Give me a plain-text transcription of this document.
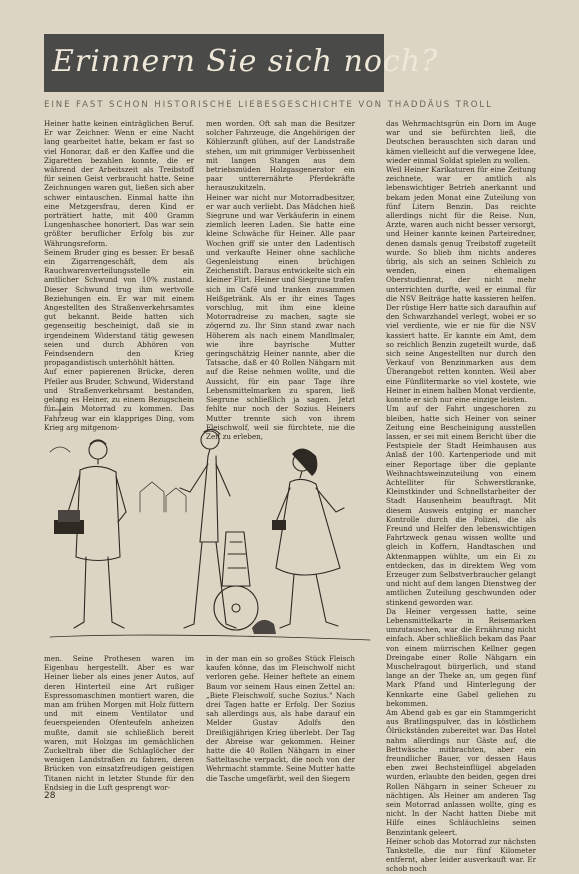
Erinnern Sie sich noch?
EINE FAST SCHON HISTORISCHE LIEBESGESCHICHTE VON THADDÄUS TROLL

Heiner hatte keinen einträglichen Beruf. Er war Zeichner. Wenn er eine Nacht lang gearbeitet hatte, bekam er fast so viel Honorar, daß er den Kaffee und die Zigaretten bezahlen konnte, die er während der Arbeitszeit als Treibstoff für seinen Geist verbraucht hatte. Seine Zeichnungen waren gut, ließen sich aber schwer eintauschen. Einmal hatte ihn eine Metzgersfrau, deren Kind er porträtiert hatte, mit 400 Gramm Lungenhaschee honoriert. Das war sein größter beruflicher Erfolg bis zur Währungsreform.

Seinem Bruder ging es besser. Er besaß ein Zigarrengeschäft, dem als Rauchwarenverteilungsstelle ein amtlicher Schwund von 10% zustand. Dieser Schwund trug ihm wertvolle Beziehungen ein. Er war mit einem Angestellten des Straßenverkehrsamtes gut bekannt. Beide hatten sich gegenseitig bescheinigt, daß sie in irgendeinem Widerstand tätig gewesen seien und durch Abhören von Feindsendern den Krieg propagandistisch unterhöhlt hätten.

Auf einer papierenen Brücke, deren Pfeiler aus Bruder, Schwund, Widerstand und Straßenverkehrsamt bestanden, gelang es Heiner, zu einem Bezugschein für ein Motorrad zu kommen. Das Fahrzeug war ein klappriges Ding, vom Krieg arg mitgenom-

men worden. Oft sah man die Besitzer solcher Fahrzeuge, die Angehörigen der Köhlerzunft glühen, auf der Landstraße stehen, um mit grimmiger Verbissenheit mit langen Stangen aus dem betriebsmüden Holzgasgenerator ein paar untterernährte Pferdekräfte herauszukitzeln.

Heiner war nicht nur Motorradbesitzer, er war auch verliebt. Das Mädchen hieß Siegrune und war Verkäuferin in einem ziemlich leeren Laden. Sie hatte eine kleine Schwäche für Heiner. Alle paar Wochen griff sie unter den Ladentisch und verkaufte Heiner ohne sachliche Gegenleistung einen brüchigen Zeichenstift. Daraus entwickelte sich ein kleiner Flirt. Heiner und Siegrune trafen sich im Café und tranken zusammen Heißgetränk. Als er ihr eines Tages vorschlug, mit ihm eine kleine Motorradreise zu machen, sagte sie zögernd zu. Ihr Sinn stand zwar nach Höherem als nach einem Mandlmaler, wie ihre bayrische Mutter geringschätzig Heiner nannte, aber die Tatsache, daß er 40 Rollen Nähgarn mit auf die Reise nehmen wollte, und die Aussicht, für ein paar Tage ihre Lebensmittelmarken zu sparen, ließ Siegrune schließlich ja sagen. Jetzt fehlte nur noch der Sozius. Heiners Mutter trennte sich von ihrem Fleischwolf, weil sie fürchtete, nie die Zeit zu erleben,

das Wehrmachtsgrün ein Dorn im Auge war und sie befürchten ließ, die Deutschen berauschten sich daran und kämen vielleicht auf die verwegene Idee, wieder einmal Soldat spielen zu wollen.

Weil Heiner Karikaturen für eine Zeitung zeichnete, war er amtlich als lebenswichtiger Betrieb anerkannt und bekam jeden Monat eine Zuteilung von fünf Litern Benzin. Das reichte allerdings nicht für die Reise. Nun, Arzte, waren auch nicht besser versorgt, und Heiner kannte keinen Parteiredner, denen damals genug Treibstoff zugeteilt wurde. So blieb ihm nichts anderes übrig, als sich an seinen Schleich zu wenden, einen ehemaligen Oberstudienrat, der nicht mehr unterrichten durfte, weil er einmal für die NSV Beiträge hatte kassieren helfen. Der rüstige Herr hatte sich daraufhin auf den Schwarzhandel verlegt, wobei er so viel verdiente, wie er nie für die NSV kassiert hatte. Er kannte ein Amt, dem so reichlich Benzin zugeteilt wurde, daß sich seine Angestellten nur durch den Verkauf von Benzinmarken aus dem Überangebot retten konnten. Weil aber eine Fünflitermarke so viel kostete, wie Heiner in einem halben Monat verdiente, konnte er sich nur eine einzige leisten.

Um auf der Fahrt ungeschoren zu bleiben, hatte sich Heiner von seiner Zeitung eine Bescheinigung ausstellen lassen, er sei mit einem Bericht über die Festspiele der Stadt Heimhausen aus Anlaß der 100. Kartenperiode und mit einer Reportage über die geplante Weihnachtsweinzuteilung von einem Achtelliter für Schwerstkranke, Kleinstkinder und Schnellstarbeiter der Stadt Hausenheim beauftragt. Mit diesem Ausweis entging er mancher Kontrolle durch die Polizei, die als Freund und Helfer den lebenswichtigen Fahrtzweck genau wissen wollte und gleich in Koffern, Handtaschen und Aktenmappen wühlte, um ein Ei zu entdecken, das in direktem Weg vom Erzeuger zum Selbstverbraucher gelangt und nicht auf dem langen Dienstweg der amtlichen Zuteilung geschwunden oder stinkend geworden war.

Da Heiner vergessen hatte, seine Lebensmittelkarte in Reisemarken umzutauschen, war die Ernährung nicht einfach. Aber schließlich bekam das Paar von einem mürrischen Kellner gegen Dreingabe einer Rolle Nähgarn ein Muschelragout bürgerlich, und stand lange an der Theke an, um gegen fünf Mark Pfand und Hinterlegung der Kennkarte eine Gabel geliehen zu bekommen.

Am Abend gab es gar ein Stammgericht aus Bratlingspulver, das in köstlichem Ölrückständen zubereitet war. Das Hotel nahm allerdings nur Gäste auf, die Bettwäsche mitbrachten, aber ein freundlicher Bauer, vor dessen Haus eben zwei Bechsteinflügel abgeladen wurden, erlaubte den beiden, gegen drei Rollen Nähgarn in seiner Scheuer zu nächtigen. Als Heiner am anderen Tag sein Motorrad anlassen wollte, ging es nicht. In der Nacht hatten Diebe mit Hilfe eines Schläuchleins seinen Benzintank geleert.

Heiner schob das Motorrad zur nächsten Tankstelle, die nur fünf Kilometer entfernt, aber leider ausverkauft war. Er schob noch

men. Seine Prothesen waren im Eigenbau hergestellt. Aber es war Heiner lieber als eines jener Autos, auf deren Hinterteil eine Art rußiger Espressomaschinen montiert waren, die man am frühen Morgen mit Holz füttern und mit einem Ventilator und feuerspeienden Ofenteufeln anheizen mußte, damit sie schließlich bereit waren, mit Holzgas im gemächlichen Zuckeltrab über die Schlaglöcher der wenigen Landstraßen zu fahren, deren Brücken von einsatzfreudigen geistigen Titanen nicht in letzter Stunde für den Endsieg in die Luft gesprengt wor-

in der man ein so großes Stück Fleisch kaufen könne, das im Fleischwolf nicht verloren gehe. Heiner heftete an einem Baum vor seinem Haus einen Zettel an: „Biete Fleischwolf, suche Sozius." Nach drei Tagen hatte er Erfolg. Der Sozius sah allerdings aus, als habe darauf ein Melder Gustav Adolfs den Dreißigjährigen Krieg überlebt. Der Tag der Abreise war gekommen. Heiner hatte die 40 Rollen Nähgarn in einer Satteltasche verpackt, die noch von der Wehrmacht stammte. Seine Mutter hatte die Tasche umgefärbt, weil den Siegern

28
